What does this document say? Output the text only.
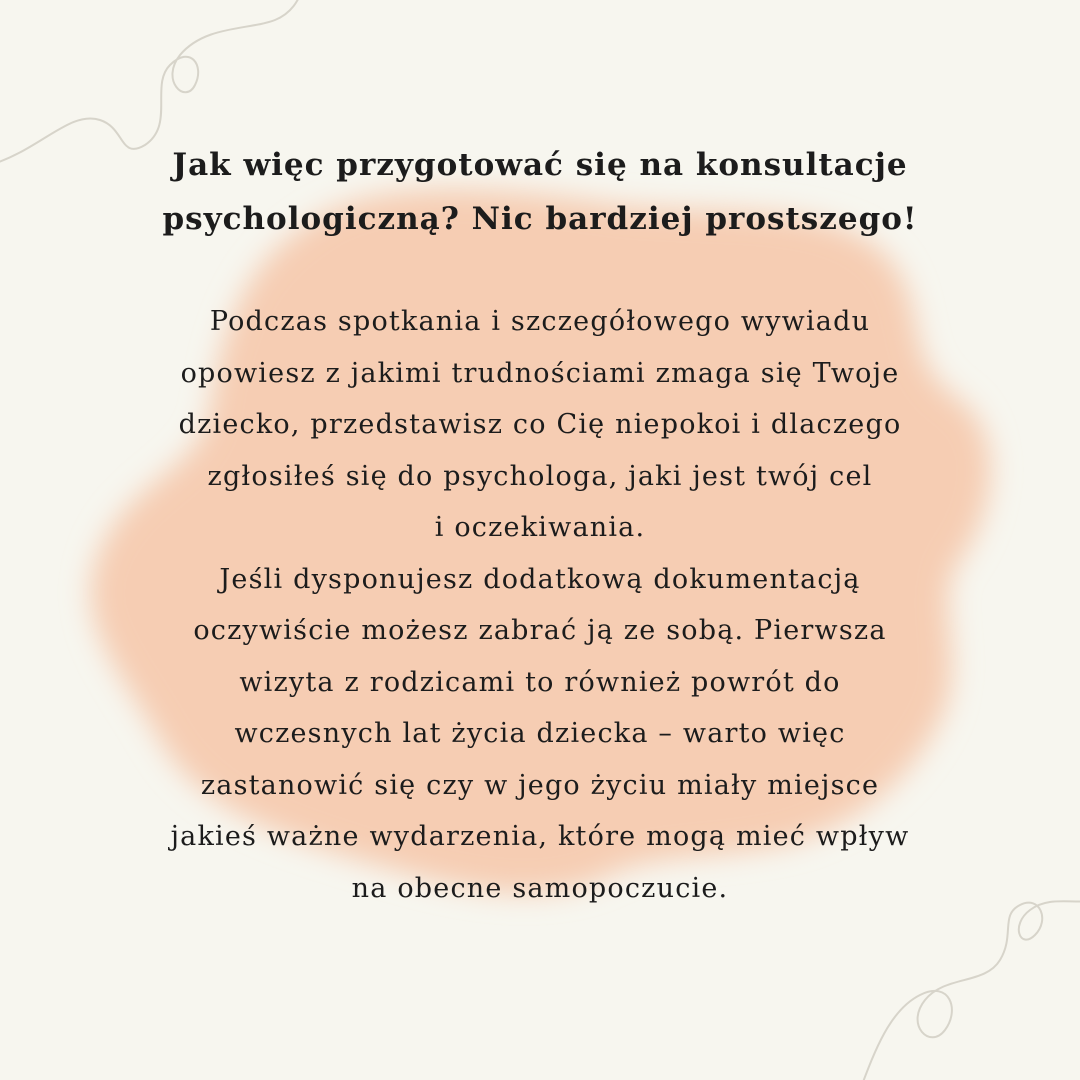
Jak więc przygotować się na konsultacje
psychologiczną? Nic bardziej prostszego!
Podczas spotkania i szczegółowego wywiadu
opowiesz z jakimi trudnościami zmaga się Twoje
dziecko, przedstawisz co Cię niepokoi i dlaczego
zgłosiłeś się do psychologa, jaki jest twój cel
i oczekiwania.
Jeśli dysponujesz dodatkową dokumentacją
oczywiście możesz zabrać ją ze sobą. Pierwsza
wizyta z rodzicami to również powrót do
wczesnych lat życia dziecka – warto więc
zastanowić się czy w jego życiu miały miejsce
jakieś ważne wydarzenia, które mogą mieć wpływ
na obecne samopoczucie.
